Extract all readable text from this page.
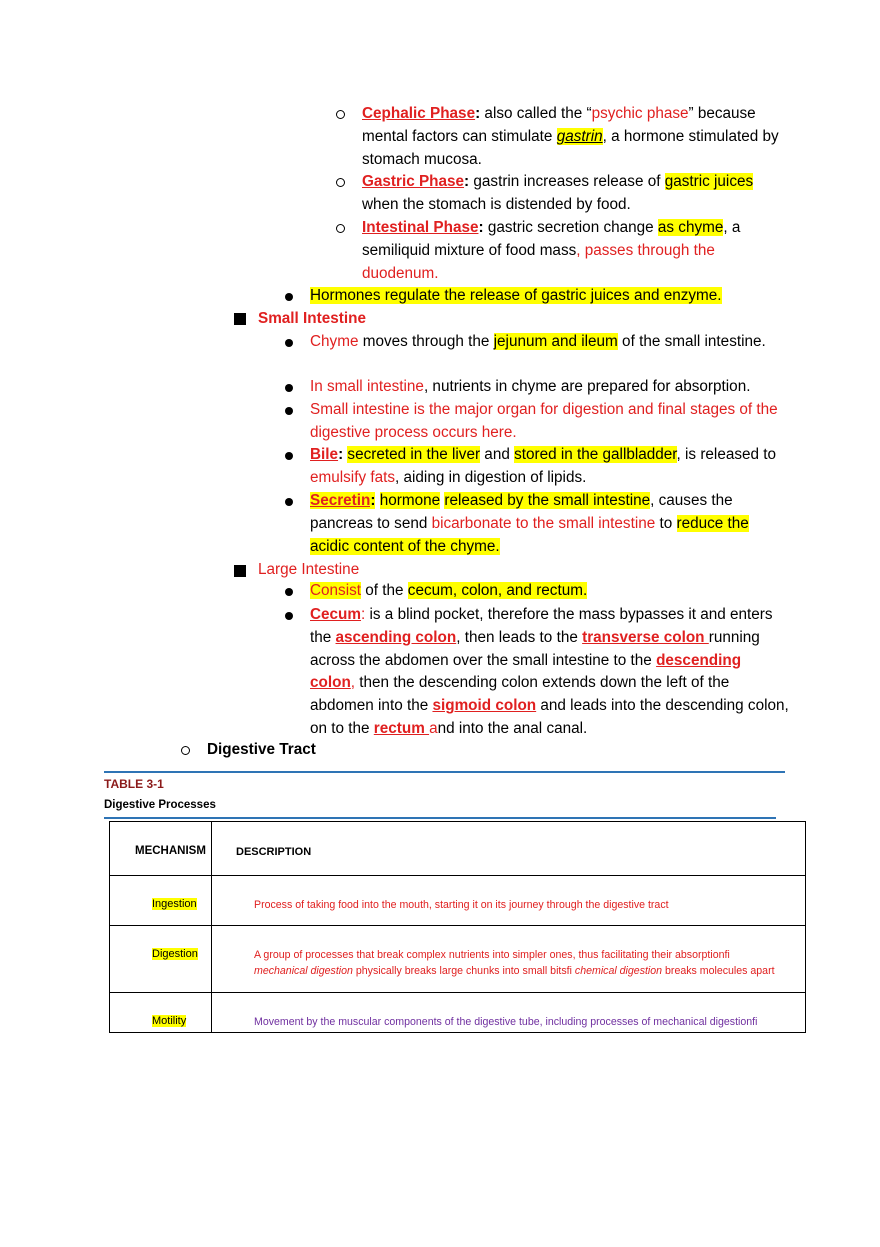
Cephalic Phase: also called the “psychic phase” because mental factors can stimulate gastrin, a hormone stimulated by stomach mucosa.
Gastric Phase: gastrin increases release of gastric juices when the stomach is distended by food.
Intestinal Phase: gastric secretion change as chyme, a semiliquid mixture of food mass, passes through the duodenum.
Hormones regulate the release of gastric juices and enzyme.
Small Intestine
Chyme moves through the jejunum and ileum of the small intestine.
In small intestine, nutrients in chyme are prepared for absorption.
Small intestine is the major organ for digestion and final stages of the digestive process occurs here.
Bile: secreted in the liver and stored in the gallbladder, is released to emulsify fats, aiding in digestion of lipids.
Secretin: hormone released by the small intestine, causes the pancreas to send bicarbonate to the small intestine to reduce the acidic content of the chyme.
Large Intestine
Consist of the cecum, colon, and rectum.
Cecum: is a blind pocket, therefore the mass bypasses it and enters the ascending colon, then leads to the transverse colon running across the abdomen over the small intestine to the descending colon, then the descending colon extends down the left of the abdomen into the sigmoid colon and leads into the descending colon, on to the rectum and into the anal canal.
Digestive Tract
TABLE 3-1
Digestive Processes
MECHANISM	DESCRIPTION
Ingestion	Process of taking food into the mouth, starting it on its journey through the digestive tract
Digestion	A group of processes that break complex nutrients into simpler ones, thus facilitating their absorptionﬁ
mechanical digestion physically breaks large chunks into small bitsﬁ chemical digestion breaks molecules apart
Motility	Movement by the muscular components of the digestive tube, including processes of mechanical digestionﬁ
